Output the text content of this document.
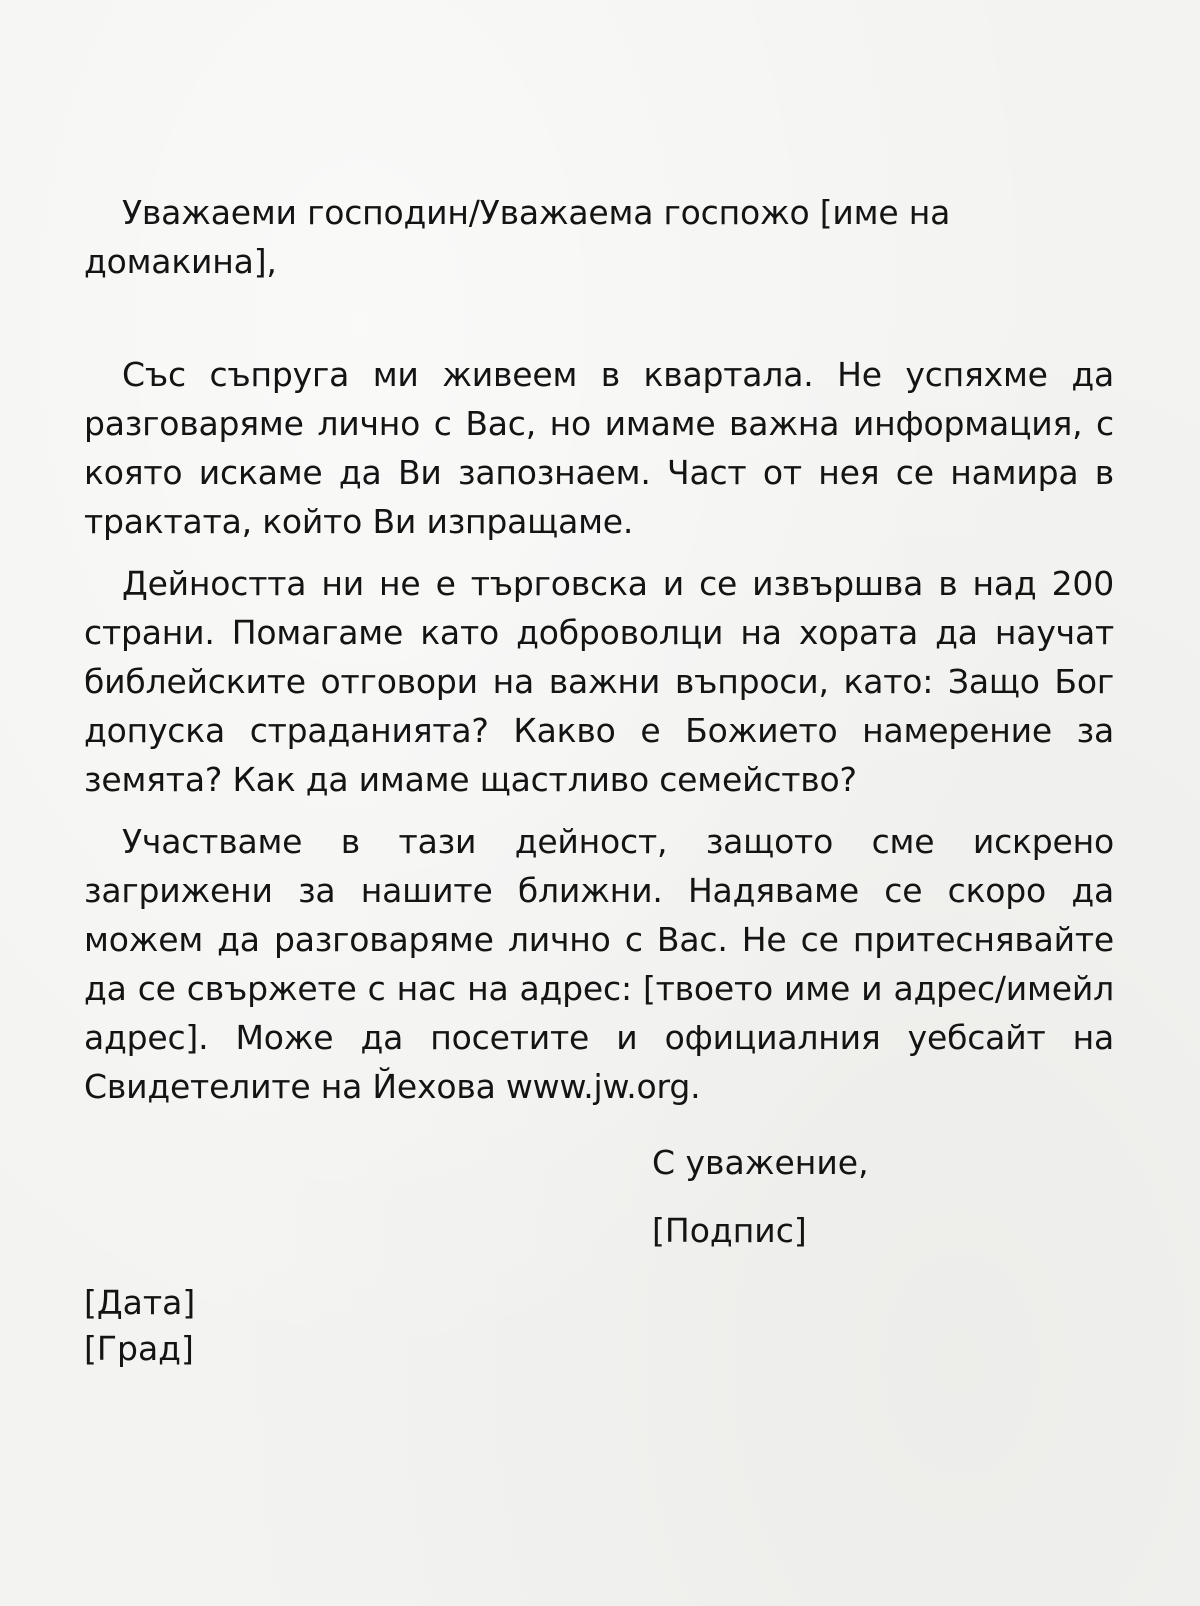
Уважаеми господин/Уважаема госпожо [име на домакина],

Със съпруга ми живеем в квартала. Не успяхме да разговаряме лично с Вас, но имаме важна информация, с която искаме да Ви запознаем. Част от нея се намира в трактата, който Ви изпращаме.

Дейността ни не е търговска и се извършва в над 200 страни. Помагаме като доброволци на хората да научат библейските отговори на важни въпроси, като: Защо Бог допуска страданията? Какво е Божието намерение за земята? Как да имаме щастливо семейство?

Участваме в тази дейност, защото сме искрено загрижени за нашите ближни. Надяваме се скоро да можем да разговаряме лично с Вас. Не се притеснявайте да се свържете с нас на адрес: [твоето име и адрес/имейл адрес]. Може да посетите и официалния уебсайт на Свидетелите на Йехова www.jw.org.

С уважение,
[Подпис]
[Дата]
[Град]
